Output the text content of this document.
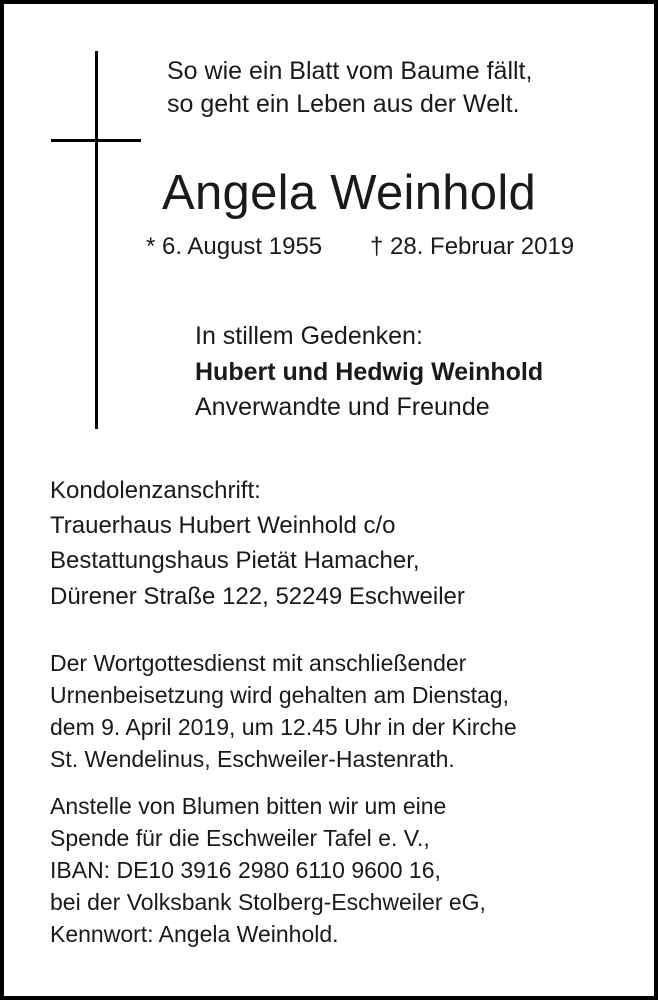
So wie ein Blatt vom Baume fällt,
so geht ein Leben aus der Welt.
Angela Weinhold
* 6. August 1955 † 28. Februar 2019
In stillem Gedenken:
Hubert und Hedwig Weinhold
Anverwandte und Freunde
Kondolenzanschrift:
Trauerhaus Hubert Weinhold c/o
Bestattungshaus Pietät Hamacher,
Dürener Straße 122, 52249 Eschweiler
Der Wortgottesdienst mit anschließender
Urnenbeisetzung wird gehalten am Dienstag,
dem 9. April 2019, um 12.45 Uhr in der Kirche
St. Wendelinus, Eschweiler-Hastenrath.
Anstelle von Blumen bitten wir um eine
Spende für die Eschweiler Tafel e. V.,
IBAN: DE10 3916 2980 6110 9600 16,
bei der Volksbank Stolberg-Eschweiler eG,
Kennwort: Angela Weinhold.
